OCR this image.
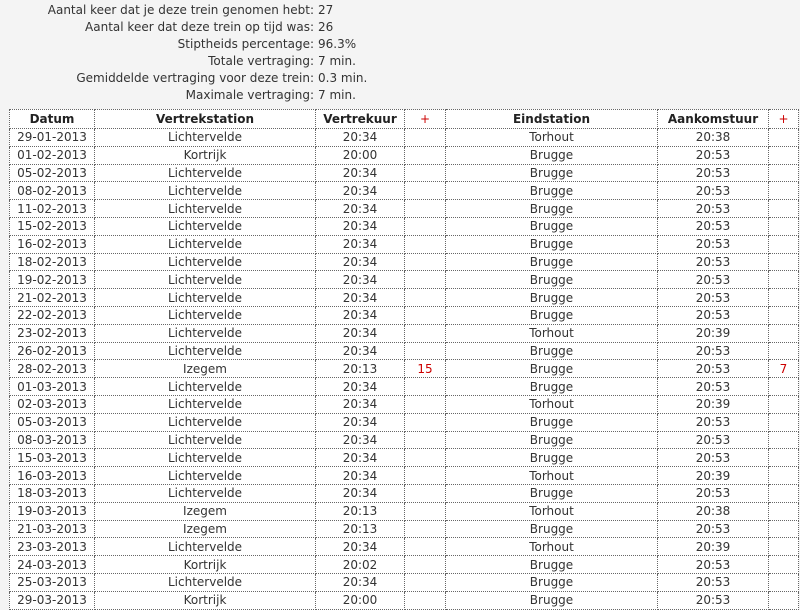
Aantal keer dat je deze trein genomen hebt: 27
Aantal keer dat deze trein op tijd was: 26
Stiptheids percentage: 96.3%
Totale vertraging: 7 min.
Gemiddelde vertraging voor deze trein: 0.3 min.
Maximale vertraging: 7 min.
Datum	Vertrekstation	Vertrekuur	+	Eindstation	Aankomstuur	+
29-01-2013	Lichtervelde	20:34		Torhout	20:38	
01-02-2013	Kortrijk	20:00		Brugge	20:53	
05-02-2013	Lichtervelde	20:34		Brugge	20:53	
08-02-2013	Lichtervelde	20:34		Brugge	20:53	
11-02-2013	Lichtervelde	20:34		Brugge	20:53	
15-02-2013	Lichtervelde	20:34		Brugge	20:53	
16-02-2013	Lichtervelde	20:34		Brugge	20:53	
18-02-2013	Lichtervelde	20:34		Brugge	20:53	
19-02-2013	Lichtervelde	20:34		Brugge	20:53	
21-02-2013	Lichtervelde	20:34		Brugge	20:53	
22-02-2013	Lichtervelde	20:34		Brugge	20:53	
23-02-2013	Lichtervelde	20:34		Torhout	20:39	
26-02-2013	Lichtervelde	20:34		Brugge	20:53	
28-02-2013	Izegem	20:13	15	Brugge	20:53	7
01-03-2013	Lichtervelde	20:34		Brugge	20:53	
02-03-2013	Lichtervelde	20:34		Torhout	20:39	
05-03-2013	Lichtervelde	20:34		Brugge	20:53	
08-03-2013	Lichtervelde	20:34		Brugge	20:53	
15-03-2013	Lichtervelde	20:34		Brugge	20:53	
16-03-2013	Lichtervelde	20:34		Torhout	20:39	
18-03-2013	Lichtervelde	20:34		Brugge	20:53	
19-03-2013	Izegem	20:13		Torhout	20:38	
21-03-2013	Izegem	20:13		Brugge	20:53	
23-03-2013	Lichtervelde	20:34		Torhout	20:39	
24-03-2013	Kortrijk	20:02		Brugge	20:53	
25-03-2013	Lichtervelde	20:34		Brugge	20:53	
29-03-2013	Kortrijk	20:00		Brugge	20:53	
